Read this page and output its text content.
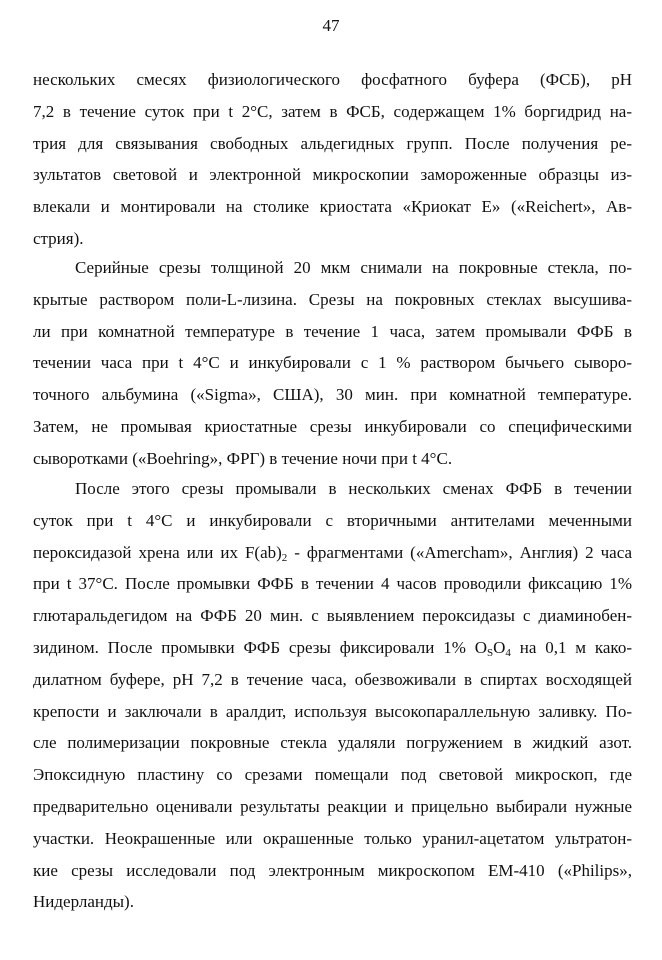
47
нескольких смесях физиологического фосфатного буфера (ФСБ), pH
7,2 в течение суток при t 2°С, затем в ФСБ, содержащем 1% боргидрид на-
трия для связывания свободных альдегидных групп. После получения ре-
зультатов световой и электронной микроскопии замороженные образцы из-
влекали и монтировали на столике криостата «Криокат Е» («Reichert», Ав-
стрия).
Серийные срезы толщиной 20 мкм снимали на покровные стекла, по-
крытые раствором поли-L-лизина. Срезы на покровных стеклах высушива-
ли при комнатной температуре в течение 1 часа, затем промывали ФФБ в
течении часа при t 4°С и инкубировали с 1 % раствором бычьего сыворо-
точного альбумина («Sigma», США), 30 мин. при комнатной температуре.
Затем, не промывая криостатные срезы инкубировали со специфическими
сыворотками («Boehring», ФРГ) в течение ночи при t 4°С.
После этого срезы промывали в нескольких сменах ФФБ в течении
суток при t 4°С и инкубировали с вторичными антителами меченными
пероксидазой хрена или их $F(ab)_2$ - фрагментами («Amercham», Англия) 2 часа
при t 37°С. После промывки ФФБ в течении 4 часов проводили фиксацию 1%
глютаральдегидом на ФФБ 20 мин. с выявлением пероксидазы с диаминобен-
зидином. После промывки ФФБ срезы фиксировали 1% $O_SO_4$ на 0,1 м како-
дилатном буфере, pH 7,2 в течение часа, обезвоживали в спиртах восходящей
крепости и заключали в аралдит, используя высокопараллельную заливку. По-
сле полимеризации покровные стекла удаляли погружением в жидкий азот.
Эпоксидную пластину со срезами помещали под световой микроскоп, где
предварительно оценивали результаты реакции и прицельно выбирали нужные
участки. Неокрашенные или окрашенные только уранил-ацетатом ультратон-
кие срезы исследовали под электронным микроскопом ЕМ-410 («Philips»,
Нидерланды).
